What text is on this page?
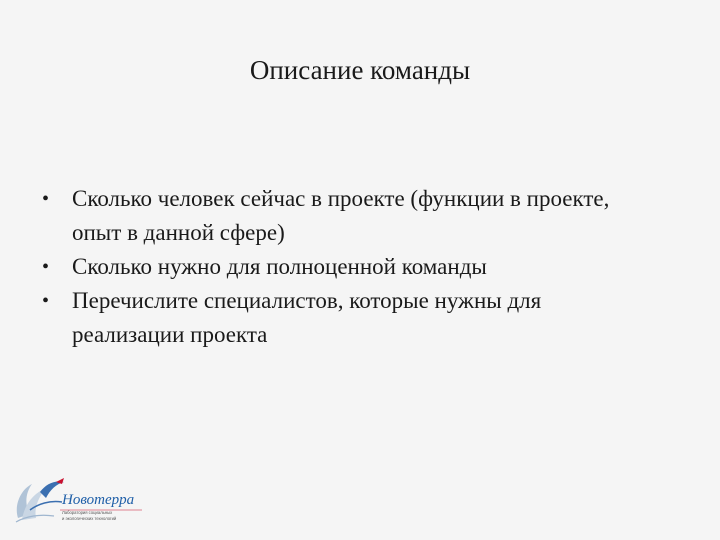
Описание команды
• Сколько человек сейчас в проекте (функции в проекте, опыт в данной сфере)
• Сколько нужно для полноценной команды
• Перечислите специалистов, которые нужны для реализации проекта
Новотерра
Лаборатория социальных
и экологических технологий
